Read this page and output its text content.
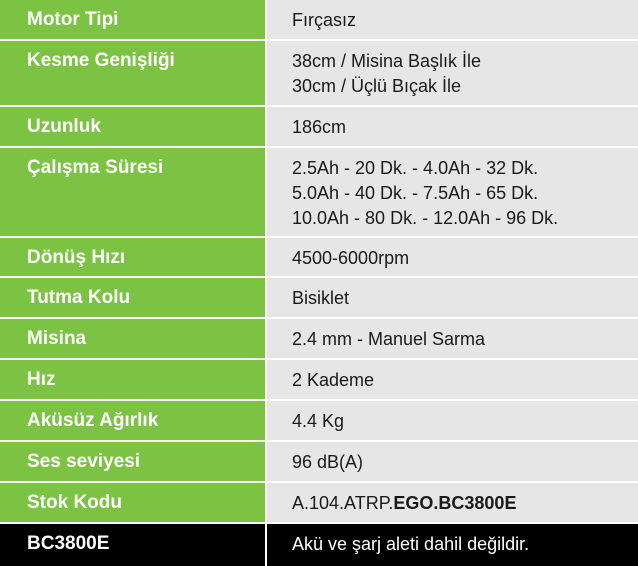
Motor Tipi	Fırçasız
Kesme Genişliği	38cm / Misina Başlık İle
30cm / Üçlü Bıçak İle
Uzunluk	186cm
Çalışma Süresi	2.5Ah - 20 Dk. - 4.0Ah - 32 Dk.
5.0Ah - 40 Dk. - 7.5Ah - 65 Dk.
10.0Ah - 80 Dk. - 12.0Ah - 96 Dk.
Dönüş Hızı	4500-6000rpm
Tutma Kolu	Bisiklet
Misina	2.4 mm - Manuel Sarma
Hız	2 Kademe
Aküsüz Ağırlık	4.4 Kg
Ses seviyesi	96 dB(A)
Stok Kodu	A.104.ATRP.EGO.BC3800E
BC3800E	Akü ve şarj aleti dahil değildir.
